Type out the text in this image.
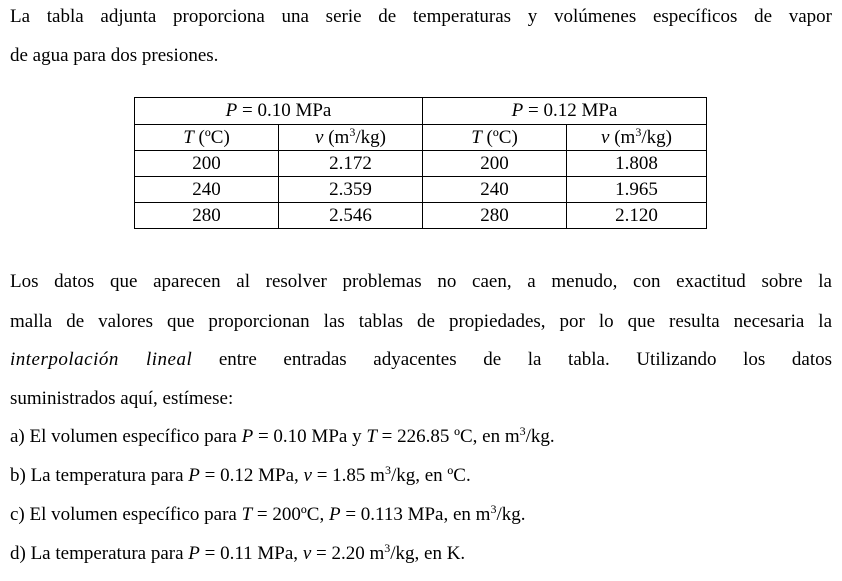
La tabla adjunta proporciona una serie de temperaturas y volúmenes específicos de vapor
de agua para dos presiones.
P = 0.10 MPa		P = 0.12 MPa	
T (ºC)	v $(m^3/kg)$	T (ºC)	v $(m^3/kg)$
200	2.172	200	1.808
240	2.359	240	1.965
280	2.546	280	2.120
Los datos que aparecen al resolver problemas no caen, a menudo, con exactitud sobre la
malla de valores que proporcionan las tablas de propiedades, por lo que resulta necesaria la
interpolación lineal entre entradas adyacentes de la tabla. Utilizando los datos
suministrados aquí, estímese:
a) El volumen específico para P = 0.10 MPa y T = 226.85 ºC, en $m^3/kg$.
b) La temperatura para P = 0.12 MPa, v = 1.85 $m^3/kg$, en ºC.
c) El volumen específico para T = 200ºC, P = 0.113 MPa, en $m^3/kg$.
d) La temperatura para P = 0.11 MPa, v = 2.20 $m^3/kg$, en K.
